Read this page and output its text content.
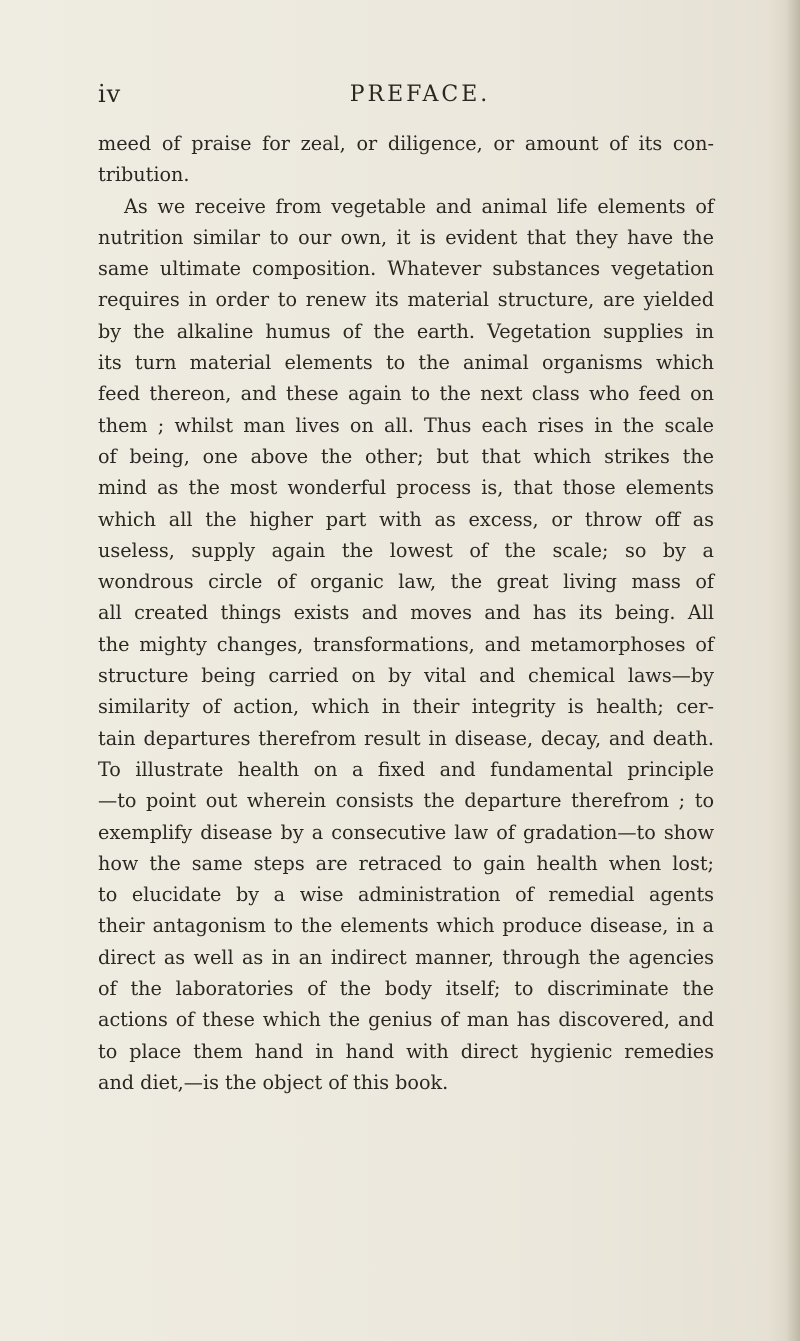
iv	PREFACE.
meed of praise for zeal, or diligence, or amount of its con-
tribution.
As we receive from vegetable and animal life elements of
nutrition similar to our own, it is evident that they have the
same ultimate composition. Whatever substances vegetation
requires in order to renew its material structure, are yielded
by the alkaline humus of the earth. Vegetation supplies in
its turn material elements to the animal organisms which
feed thereon, and these again to the next class who feed on
them ; whilst man lives on all. Thus each rises in the scale
of being, one above the other; but that which strikes the
mind as the most wonderful process is, that those elements
which all the higher part with as excess, or throw off as
useless, supply again the lowest of the scale; so by a
wondrous circle of organic law, the great living mass of
all created things exists and moves and has its being. All
the mighty changes, transformations, and metamorphoses of
structure being carried on by vital and chemical laws—by
similarity of action, which in their integrity is health; cer-
tain departures therefrom result in disease, decay, and death.
To illustrate health on a fixed and fundamental principle
—to point out wherein consists the departure therefrom ; to
exemplify disease by a consecutive law of gradation—to show
how the same steps are retraced to gain health when lost;
to elucidate by a wise administration of remedial agents
their antagonism to the elements which produce disease, in a
direct as well as in an indirect manner, through the agencies
of the laboratories of the body itself; to discriminate the
actions of these which the genius of man has discovered, and
to place them hand in hand with direct hygienic remedies
and diet,—is the object of this book.
